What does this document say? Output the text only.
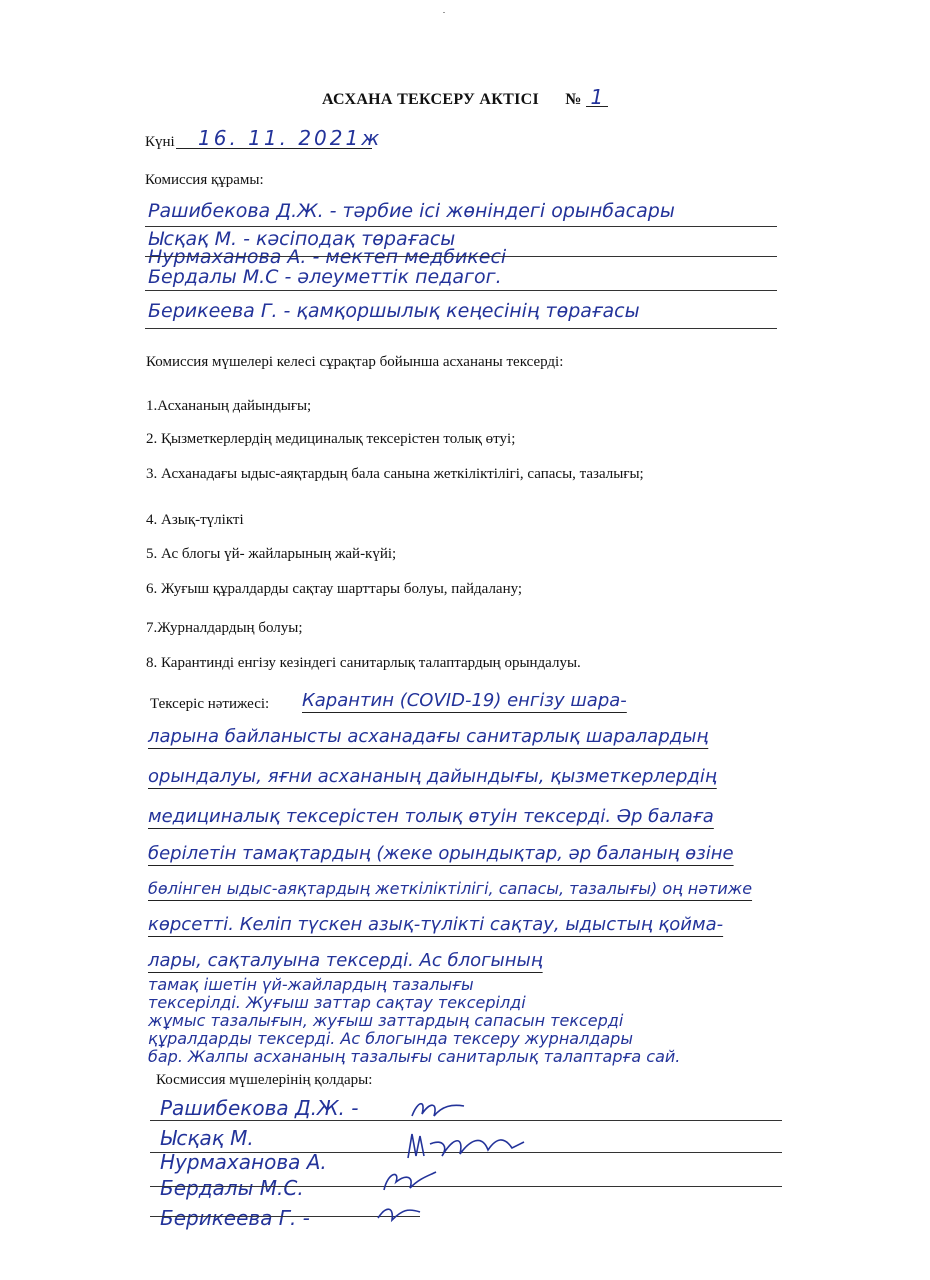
АСХАНА ТЕКСЕРУ АКТІСІ № 1
Күні 16. 11. 2021ж
Комиссия құрамы:
Рашибекова Д.Ж. - тәрбие ісі жөніндегі орынбасары
Ысқақ М. - кәсіподақ төрағасы
Нурмаханова А. - мектеп медбикесі
Бердалы М.С - әлеуметтік педагог.
Берикеева Г. - қамқоршылық кеңесінің төрағасы
Комиссия мүшелері келесі сұрақтар бойынша асхананы тексерді:
1.Асхананың дайындығы;
2. Қызметкерлердің медициналық тексерістен толық өтуі;
3. Асханадағы ыдыс-аяқтардың бала санына жеткіліктілігі, сапасы, тазалығы;
4. Азық-түлікті
5. Ас блогы үй- жайларының жай-күйі;
6. Жуғыш құралдарды сақтау шарттары болуы, пайдалану;
7.Журналдардың болуы;
8. Карантинді енгізу кезіндегі санитарлық талаптардың орындалуы.
Тексеріс нәтижесі: Карантин (COVID-19) енгізу шара-
ларына байланысты асханадағы санитарлық шаралардың
орындалуы, яғни асхананың дайындығы, қызметкерлердің
медициналық тексерістен толық өтуін тексерді. Әр балаға
берілетін тамақтардың (жеке орындықтар, әр баланың өзіне
бөлінген ыдыс-аяқтардың жеткіліктілігі, сапасы, тазалығы) оң нәтиже
көрсетті. Келіп түскен азық-түлікті сақтау, ыдыстың қойма-
лары, сақталуына тексерді. Ас блогының
тамақ ішетін үй-жайлардың тазалығы
тексерілді. Жуғыш заттар сақтау тексерілді
жұмыс тазалығын, жуғыш заттардың сапасын тексерді
құралдарды тексерді. Ас блогында тексеру журналдары
бар. Жалпы асхананың тазалығы санитарлық талаптарға сай.
Космиссия мүшелерінің қолдары:
Рашибекова Д.Ж. -
Ысқақ М.
Нурмаханова А.
Бердалы М.С.
Берикеева Г. -
